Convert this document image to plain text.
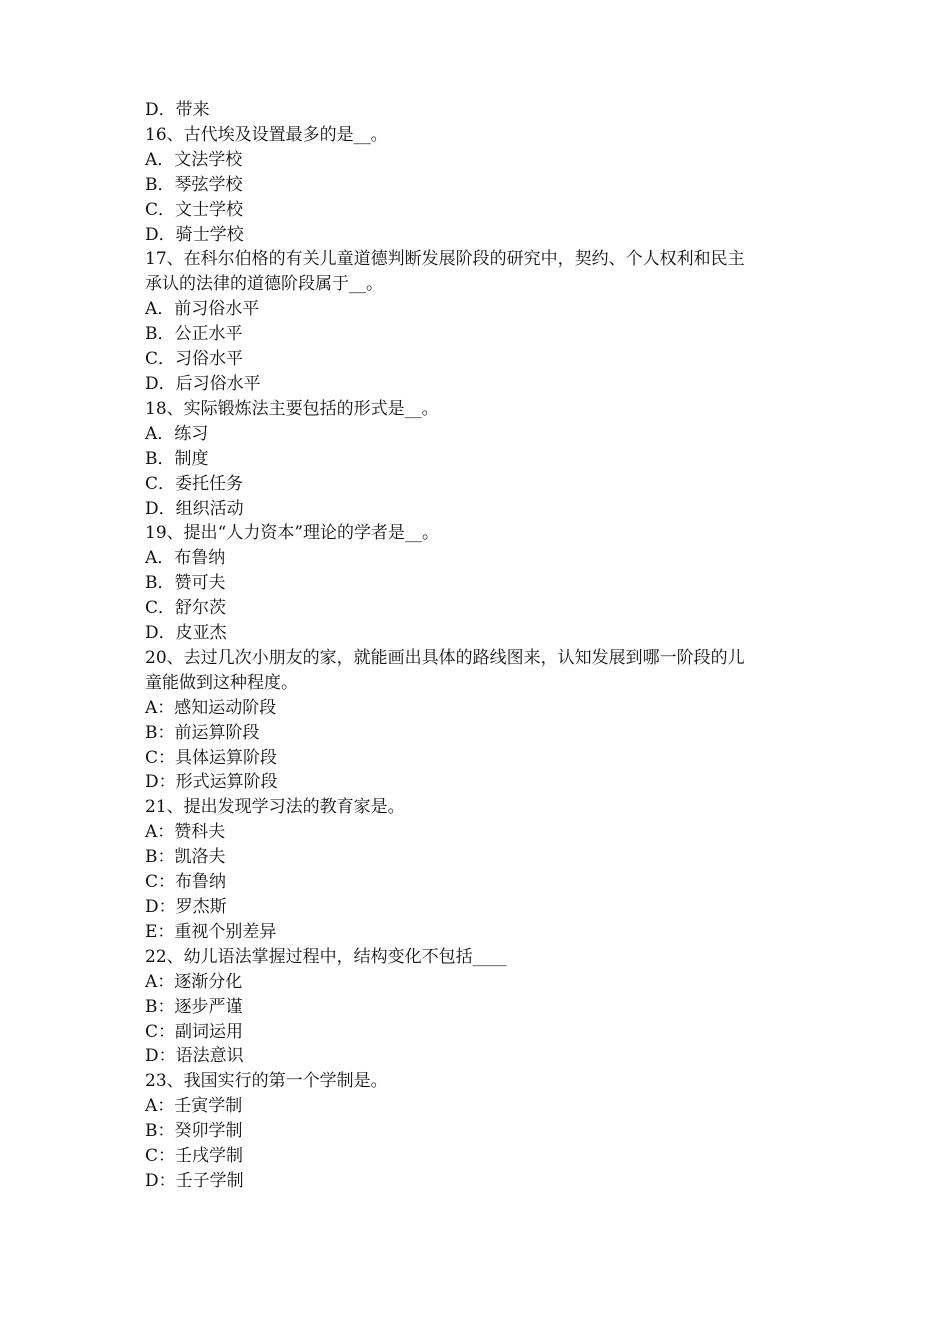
D．带来

16、古代埃及设置最多的是__。

A．文法学校

B．琴弦学校

C．文士学校

D．骑士学校

17、在科尔伯格的有关儿童道德判断发展阶段的研究中，契约、个人权利和民主

承认的法律的道德阶段属于__。

A．前习俗水平

B．公正水平

C．习俗水平

D．后习俗水平

18、实际锻炼法主要包括的形式是__。

A．练习

B．制度

C．委托任务

D．组织活动

19、提出“人力资本”理论的学者是__。

A．布鲁纳

B．赞可夫

C．舒尔茨

D．皮亚杰

20、去过几次小朋友的家，就能画出具体的路线图来，认知发展到哪一阶段的儿

童能做到这种程度。

A：感知运动阶段

B：前运算阶段

C：具体运算阶段

D：形式运算阶段

21、提出发现学习法的教育家是。

A：赞科夫

B：凯洛夫

C：布鲁纳

D：罗杰斯

E：重视个别差异

22、幼儿语法掌握过程中，结构变化不包括____

A：逐渐分化

B：逐步严谨

C：副词运用

D：语法意识

23、我国实行的第一个学制是。

A：壬寅学制

B：癸卯学制

C：壬戌学制

D：壬子学制
